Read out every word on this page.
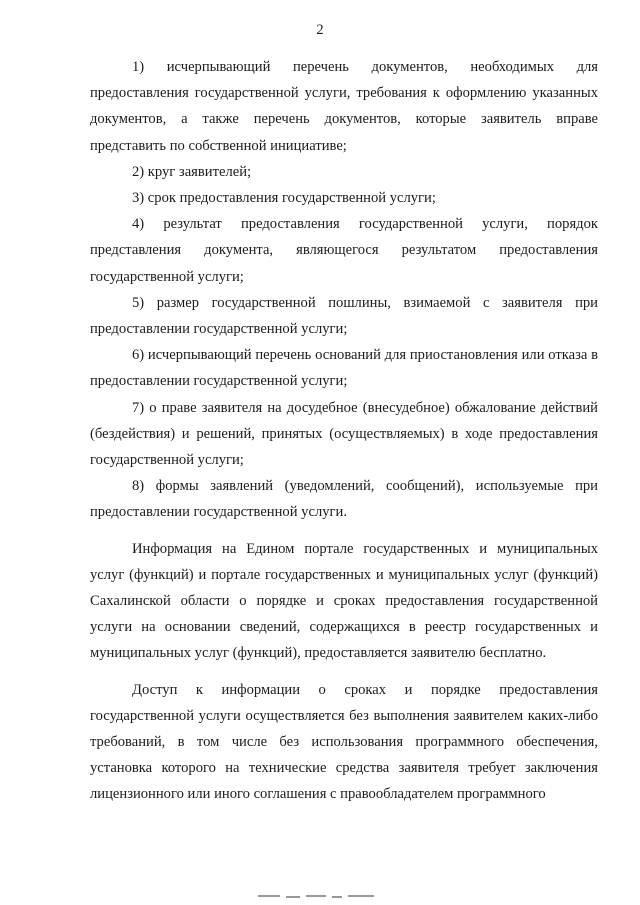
2

1) исчерпывающий перечень документов, необходимых для предоставления государственной услуги, требования к оформлению указанных документов, а также перечень документов, которые заявитель вправе представить по собственной инициативе;

2) круг заявителей;

3) срок предоставления государственной услуги;

4) результат предоставления государственной услуги, порядок представления документа, являющегося результатом предоставления государственной услуги;

5) размер государственной пошлины, взимаемой с заявителя при предоставлении государственной услуги;

6) исчерпывающий перечень оснований для приостановления или отказа в предоставлении государственной услуги;

7) о праве заявителя на досудебное (внесудебное) обжалование действий (бездействия) и решений, принятых (осуществляемых) в ходе предоставления государственной услуги;

8) формы заявлений (уведомлений, сообщений), используемые при предоставлении государственной услуги.

Информация на Едином портале государственных и муниципальных услуг (функций) и портале государственных и муниципальных услуг (функций) Сахалинской области о порядке и сроках предоставления государственной услуги на основании сведений, содержащихся в реестр государственных и муниципальных услуг (функций), предоставляется заявителю бесплатно.

Доступ к информации о сроках и порядке предоставления государственной услуги осуществляется без выполнения заявителем каких-либо требований, в том числе без использования программного обеспечения, установка которого на технические средства заявителя требует заключения лицензионного или иного соглашения с правообладателем программного
